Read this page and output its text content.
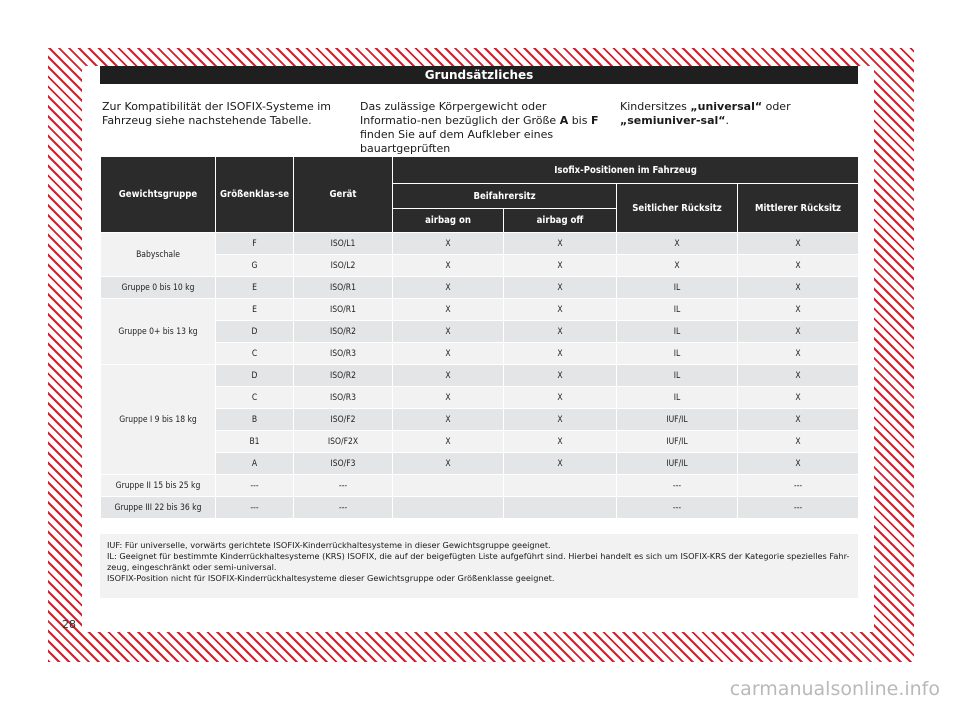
Grundsätzliches
Zur Kompatibilität der ISOFIX-Systeme im Fahrzeug siehe nachstehende Tabelle.
Das zulässige Körpergewicht oder Informatio-nen bezüglich der Größe A bis F finden Sie auf dem Aufkleber eines bauartgeprüften
Kindersitzes „universal“ oder „semiuniver-sal“.
Gewichtsgruppe	Größenklas-se	Gerät	Isofix-Positionen im Fahrzeug			
			Beifahrersitz		Seitlicher Rücksitz	Mittlerer Rücksitz
			airbag on	airbag off		
Babyschale	F	ISO/L1	X	X	X	X
	G	ISO/L2	X	X	X	X
Gruppe 0 bis 10 kg	E	ISO/R1	X	X	IL	X
Gruppe 0+ bis 13 kg	E	ISO/R1	X	X	IL	X
	D	ISO/R2	X	X	IL	X
	C	ISO/R3	X	X	IL	X
Gruppe I 9 bis 18 kg	D	ISO/R2	X	X	IL	X
	C	ISO/R3	X	X	IL	X
	B	ISO/F2	X	X	IUF/IL	X
	B1	ISO/F2X	X	X	IUF/IL	X
	A	ISO/F3	X	X	IUF/IL	X
Gruppe II 15 bis 25 kg	---	---			---	---
Gruppe III 22 bis 36 kg	---	---			---	---
IUF: Für universelle, vorwärts gerichtete ISOFIX-Kinderrückhaltesysteme in dieser Gewichtsgruppe geeignet.
IL: Geeignet für bestimmte Kinderrückhaltesysteme (KRS) ISOFIX, die auf der beigefügten Liste aufgeführt sind. Hierbei handelt es sich um ISOFIX-KRS der Kategorie spezielles Fahr-
zeug, eingeschränkt oder semi-universal.
ISOFIX-Position nicht für ISOFIX-Kinderrückhaltesysteme dieser Gewichtsgruppe oder Größenklasse geeignet.
28
carmanualsonline.info
